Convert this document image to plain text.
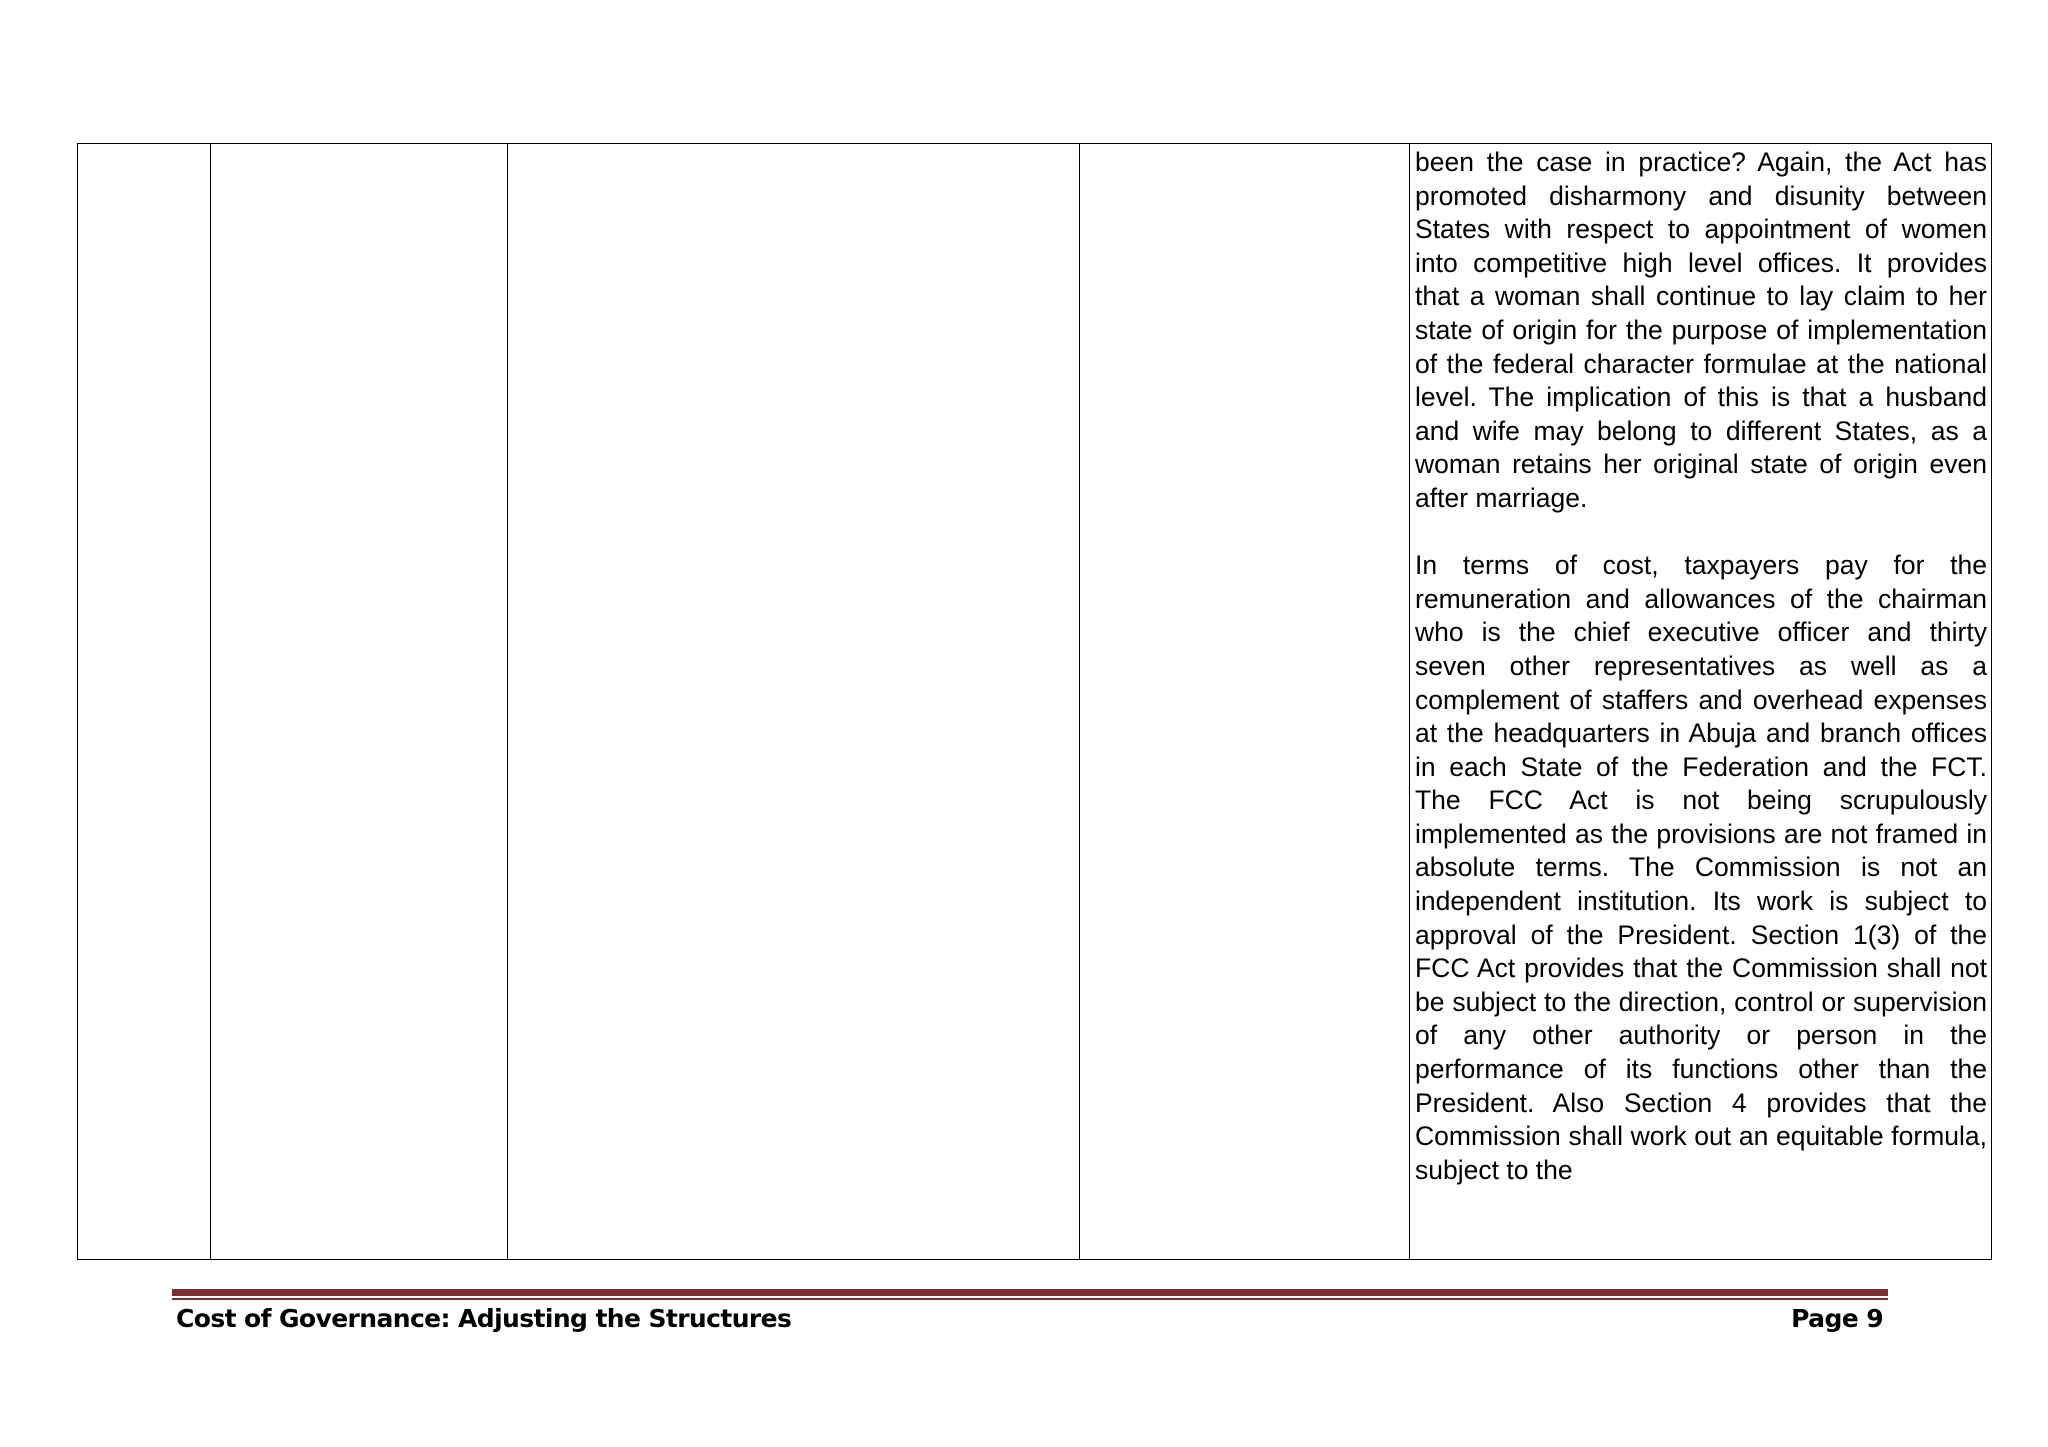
been the case in practice? Again, the Act has promoted disharmony and disunity between States with respect to appointment of women into competitive high level offices. It provides that a woman shall continue to lay claim to her state of origin for the purpose of implementation of the federal character formulae at the national level. The implication of this is that a husband and wife may belong to different States, as a woman retains her original state of origin even after marriage.

In terms of cost, taxpayers pay for the remuneration and allowances of the chairman who is the chief executive officer and thirty seven other representatives as well as a complement of staffers and overhead expenses at the headquarters in Abuja and branch offices in each State of the Federation and the FCT. The FCC Act is not being scrupulously implemented as the provisions are not framed in absolute terms. The Commission is not an independent institution. Its work is subject to approval of the President. Section 1(3) of the FCC Act provides that the Commission shall not be subject to the direction, control or supervision of any other authority or person in the performance of its functions other than the President. Also Section 4 provides that the Commission shall work out an equitable formula, subject to the

Cost of Governance: Adjusting the Structures	Page 9
